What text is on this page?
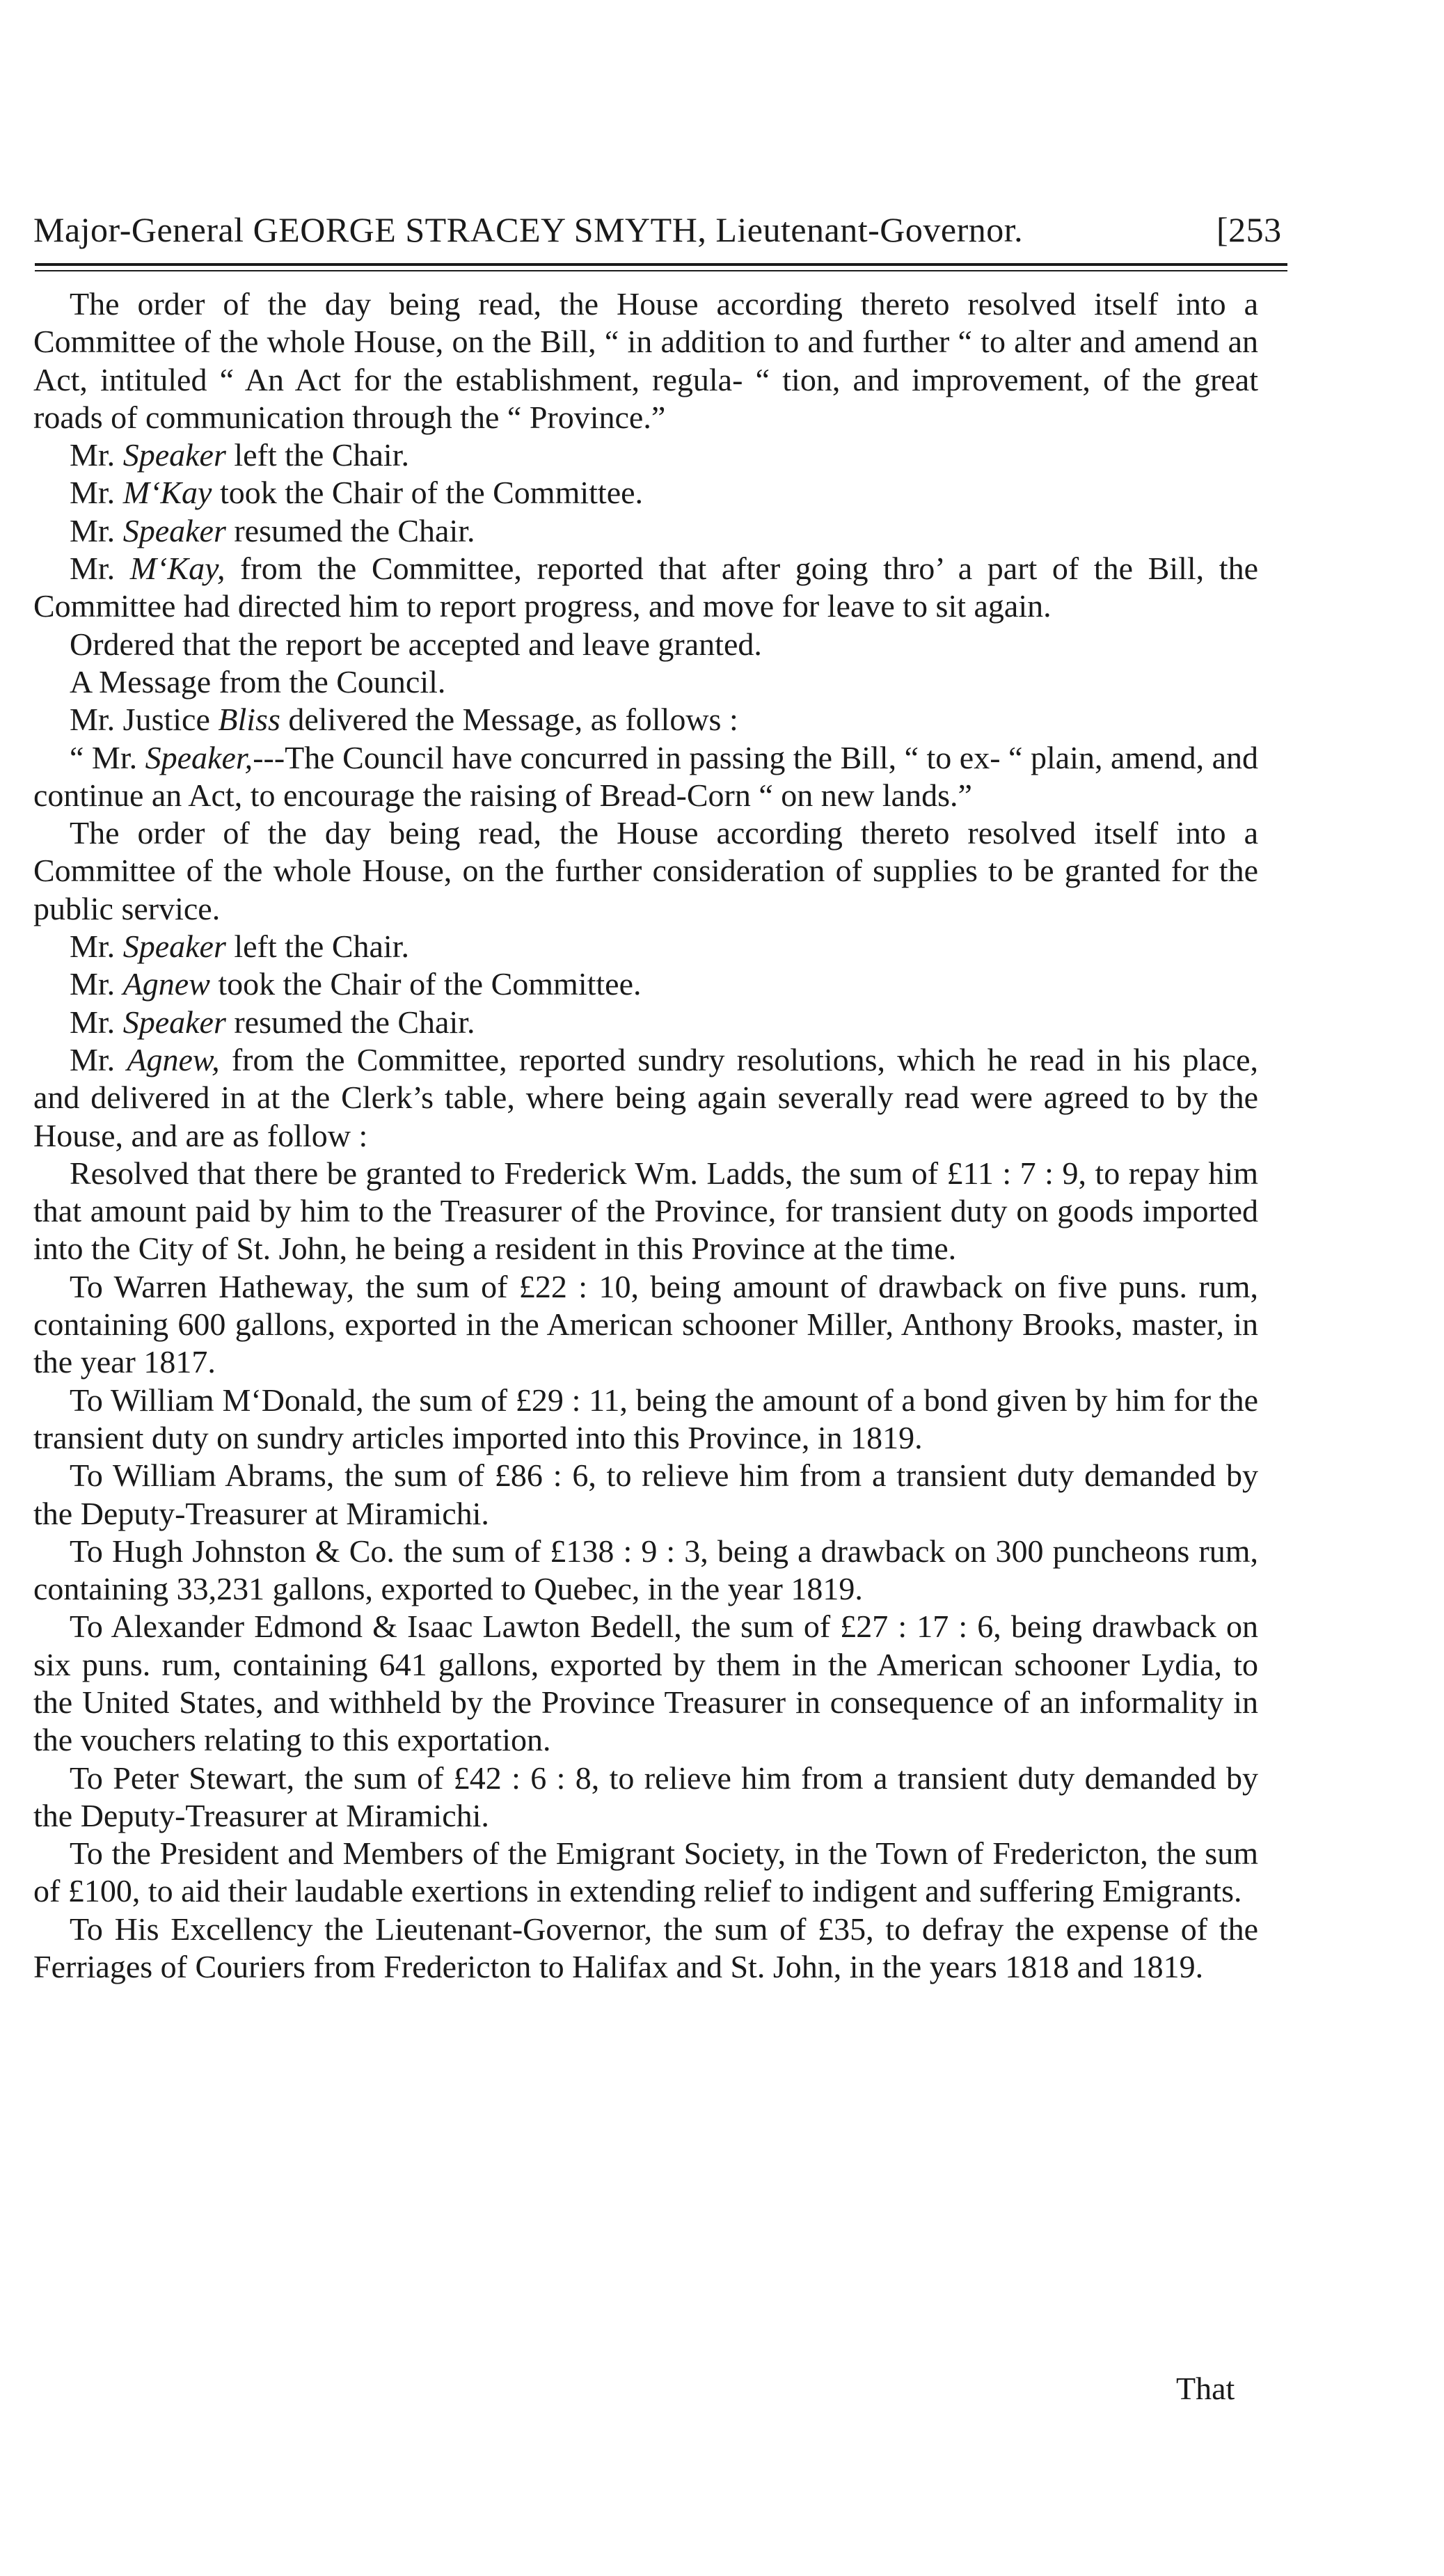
Major-General GEORGE STRACEY SMYTH, Lieutenant-Governor.	[253

The order of the day being read, the House according thereto resolved itself into a Committee of the whole House, on the Bill, “ in addition to and further “ to alter and amend an Act, intituled “ An Act for the establishment, regula- “ tion, and improvement, of the great roads of communication through the “ Province.”

Mr. Speaker left the Chair.

Mr. M‘Kay took the Chair of the Committee.

Mr. Speaker resumed the Chair.

Mr. M‘Kay, from the Committee, reported that after going thro’ a part of the Bill, the Committee had directed him to report progress, and move for leave to sit again.

Ordered that the report be accepted and leave granted.

A Message from the Council.

Mr. Justice Bliss delivered the Message, as follows :

“ Mr. Speaker,---The Council have concurred in passing the Bill, “ to ex- “ plain, amend, and continue an Act, to encourage the raising of Bread-Corn “ on new lands.”

The order of the day being read, the House according thereto resolved itself into a Committee of the whole House, on the further consideration of supplies to be granted for the public service.

Mr. Speaker left the Chair.

Mr. Agnew took the Chair of the Committee.

Mr. Speaker resumed the Chair.

Mr. Agnew, from the Committee, reported sundry resolutions, which he read in his place, and delivered in at the Clerk’s table, where being again severally read were agreed to by the House, and are as follow :

Resolved that there be granted to Frederick Wm. Ladds, the sum of £11 : 7 : 9, to repay him that amount paid by him to the Treasurer of the Province, for transient duty on goods imported into the City of St. John, he being a resident in this Province at the time.

To Warren Hatheway, the sum of £22 : 10, being amount of drawback on five puns. rum, containing 600 gallons, exported in the American schooner Miller, Anthony Brooks, master, in the year 1817.

To William M‘Donald, the sum of £29 : 11, being the amount of a bond given by him for the transient duty on sundry articles imported into this Province, in 1819.

To William Abrams, the sum of £86 : 6, to relieve him from a transient duty demanded by the Deputy-Treasurer at Miramichi.

To Hugh Johnston & Co. the sum of £138 : 9 : 3, being a drawback on 300 puncheons rum, containing 33,231 gallons, exported to Quebec, in the year 1819.

To Alexander Edmond & Isaac Lawton Bedell, the sum of £27 : 17 : 6, being drawback on six puns. rum, containing 641 gallons, exported by them in the American schooner Lydia, to the United States, and withheld by the Province Treasurer in consequence of an informality in the vouchers relating to this exportation.

To Peter Stewart, the sum of £42 : 6 : 8, to relieve him from a transient duty demanded by the Deputy-Treasurer at Miramichi.

To the President and Members of the Emigrant Society, in the Town of Fredericton, the sum of £100, to aid their laudable exertions in extending relief to indigent and suffering Emigrants.

To His Excellency the Lieutenant-Governor, the sum of £35, to defray the expense of the Ferriages of Couriers from Fredericton to Halifax and St. John, in the years 1818 and 1819.

That
